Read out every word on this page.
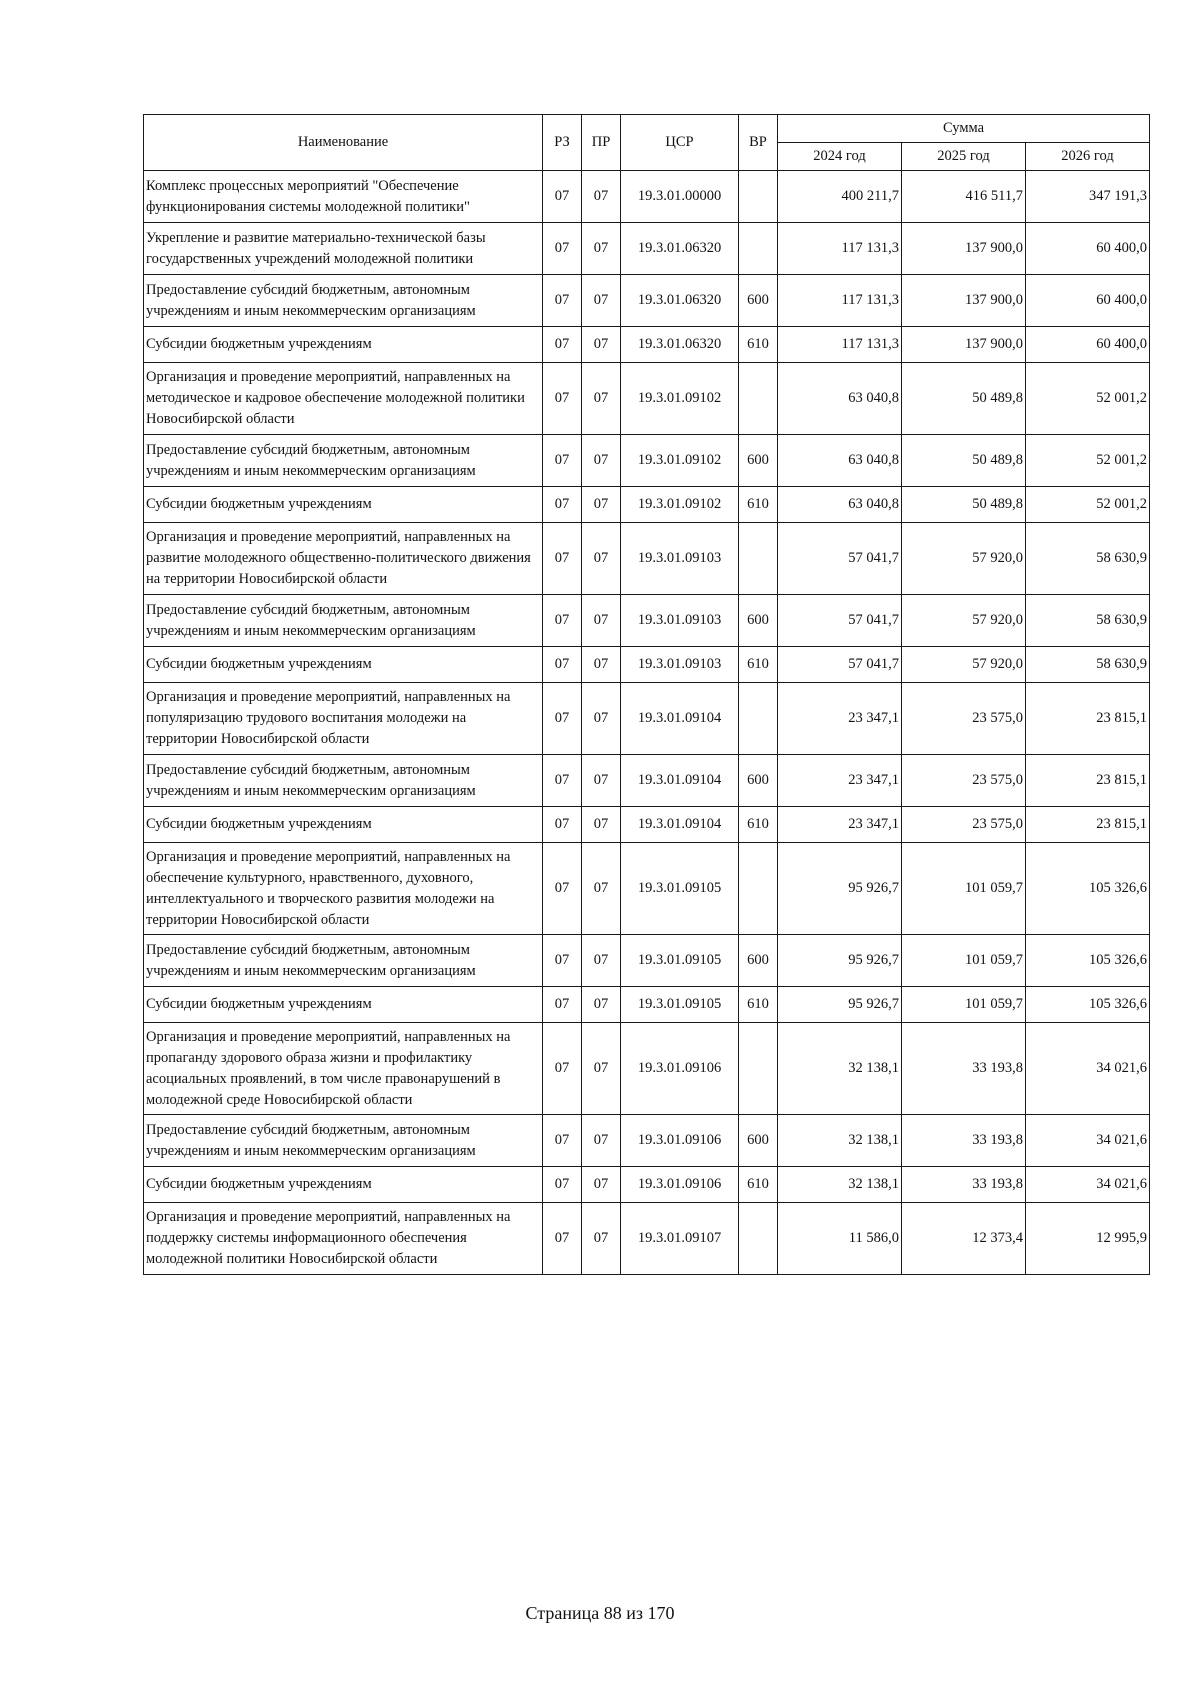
Наименование	РЗ	ПР	ЦСР	ВР	Сумма		
					2024 год	2025 год	2026 год
Комплекс процессных мероприятий "Обеспечение функционирования системы молодежной политики"	07	07	19.3.01.00000		400 211,7	416 511,7	347 191,3
Укрепление и развитие материально-технической базы государственных учреждений молодежной политики	07	07	19.3.01.06320		117 131,3	137 900,0	60 400,0
Предоставление субсидий бюджетным, автономным учреждениям и иным некоммерческим организациям	07	07	19.3.01.06320	600	117 131,3	137 900,0	60 400,0
Субсидии бюджетным учреждениям	07	07	19.3.01.06320	610	117 131,3	137 900,0	60 400,0
Организация и проведение мероприятий, направленных на методическое и кадровое обеспечение молодежной политики Новосибирской области	07	07	19.3.01.09102		63 040,8	50 489,8	52 001,2
Предоставление субсидий бюджетным, автономным учреждениям и иным некоммерческим организациям	07	07	19.3.01.09102	600	63 040,8	50 489,8	52 001,2
Субсидии бюджетным учреждениям	07	07	19.3.01.09102	610	63 040,8	50 489,8	52 001,2
Организация и проведение мероприятий, направленных на развитие молодежного общественно-политического движения на территории Новосибирской области	07	07	19.3.01.09103		57 041,7	57 920,0	58 630,9
Предоставление субсидий бюджетным, автономным учреждениям и иным некоммерческим организациям	07	07	19.3.01.09103	600	57 041,7	57 920,0	58 630,9
Субсидии бюджетным учреждениям	07	07	19.3.01.09103	610	57 041,7	57 920,0	58 630,9
Организация и проведение мероприятий, направленных на популяризацию трудового воспитания молодежи на территории Новосибирской области	07	07	19.3.01.09104		23 347,1	23 575,0	23 815,1
Предоставление субсидий бюджетным, автономным учреждениям и иным некоммерческим организациям	07	07	19.3.01.09104	600	23 347,1	23 575,0	23 815,1
Субсидии бюджетным учреждениям	07	07	19.3.01.09104	610	23 347,1	23 575,0	23 815,1
Организация и проведение мероприятий, направленных на обеспечение культурного, нравственного, духовного, интеллектуального и творческого развития молодежи на территории Новосибирской области	07	07	19.3.01.09105		95 926,7	101 059,7	105 326,6
Предоставление субсидий бюджетным, автономным учреждениям и иным некоммерческим организациям	07	07	19.3.01.09105	600	95 926,7	101 059,7	105 326,6
Субсидии бюджетным учреждениям	07	07	19.3.01.09105	610	95 926,7	101 059,7	105 326,6
Организация и проведение мероприятий, направленных на пропаганду здорового образа жизни и профилактику асоциальных проявлений, в том числе правонарушений в молодежной среде Новосибирской области	07	07	19.3.01.09106		32 138,1	33 193,8	34 021,6
Предоставление субсидий бюджетным, автономным учреждениям и иным некоммерческим организациям	07	07	19.3.01.09106	600	32 138,1	33 193,8	34 021,6
Субсидии бюджетным учреждениям	07	07	19.3.01.09106	610	32 138,1	33 193,8	34 021,6
Организация и проведение мероприятий, направленных на поддержку системы информационного обеспечения молодежной политики Новосибирской области	07	07	19.3.01.09107		11 586,0	12 373,4	12 995,9
Страница 88 из 170
